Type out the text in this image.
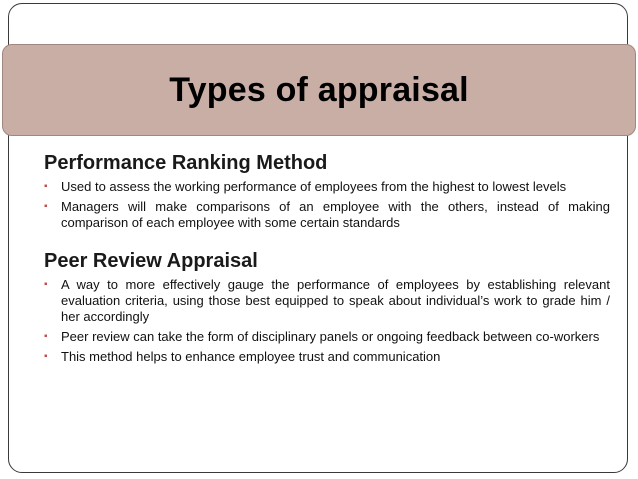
Types of appraisal
Performance Ranking Method
▪	Used to assess the working performance of employees from the highest to lowest levels
▪	Managers will make comparisons of an employee with the others, instead of making comparison of each employee with some certain standards
Peer Review Appraisal
▪	A way to more effectively gauge the performance of employees by establishing relevant evaluation criteria, using those best equipped to speak about individual’s work to grade him / her accordingly
▪	Peer review can take the form of disciplinary panels or ongoing feedback between co-workers
▪	This method helps to enhance employee trust and communication
